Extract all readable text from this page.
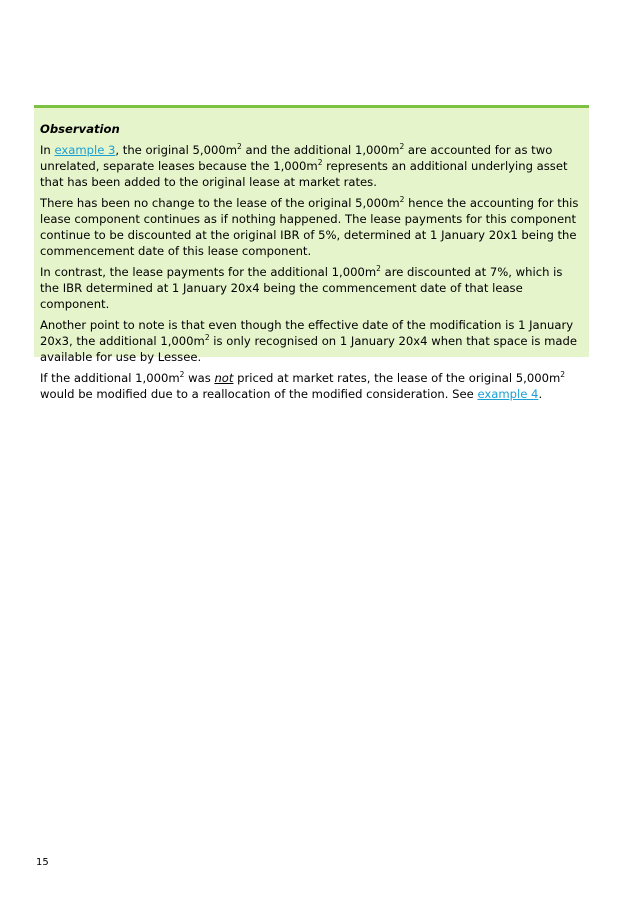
Observation

In example 3, the original $5,000m^2$ and the additional $1,000m^2$ are accounted for as two unrelated, separate leases because the $1,000m^2$ represents an additional underlying asset that has been added to the original lease at market rates.

There has been no change to the lease of the original $5,000m^2$ hence the accounting for this lease component continues as if nothing happened. The lease payments for this component continue to be discounted at the original IBR of 5%, determined at 1 January 20x1 being the commencement date of this lease component.

In contrast, the lease payments for the additional $1,000m^2$ are discounted at 7%, which is the IBR determined at 1 January 20x4 being the commencement date of that lease component.

Another point to note is that even though the effective date of the modification is 1 January 20x3, the additional $1,000m^2$ is only recognised on 1 January 20x4 when that space is made available for use by Lessee.

If the additional $1,000m^2$ was not priced at market rates, the lease of the original $5,000m^2$ would be modified due to a reallocation of the modified consideration. See example 4.

15
